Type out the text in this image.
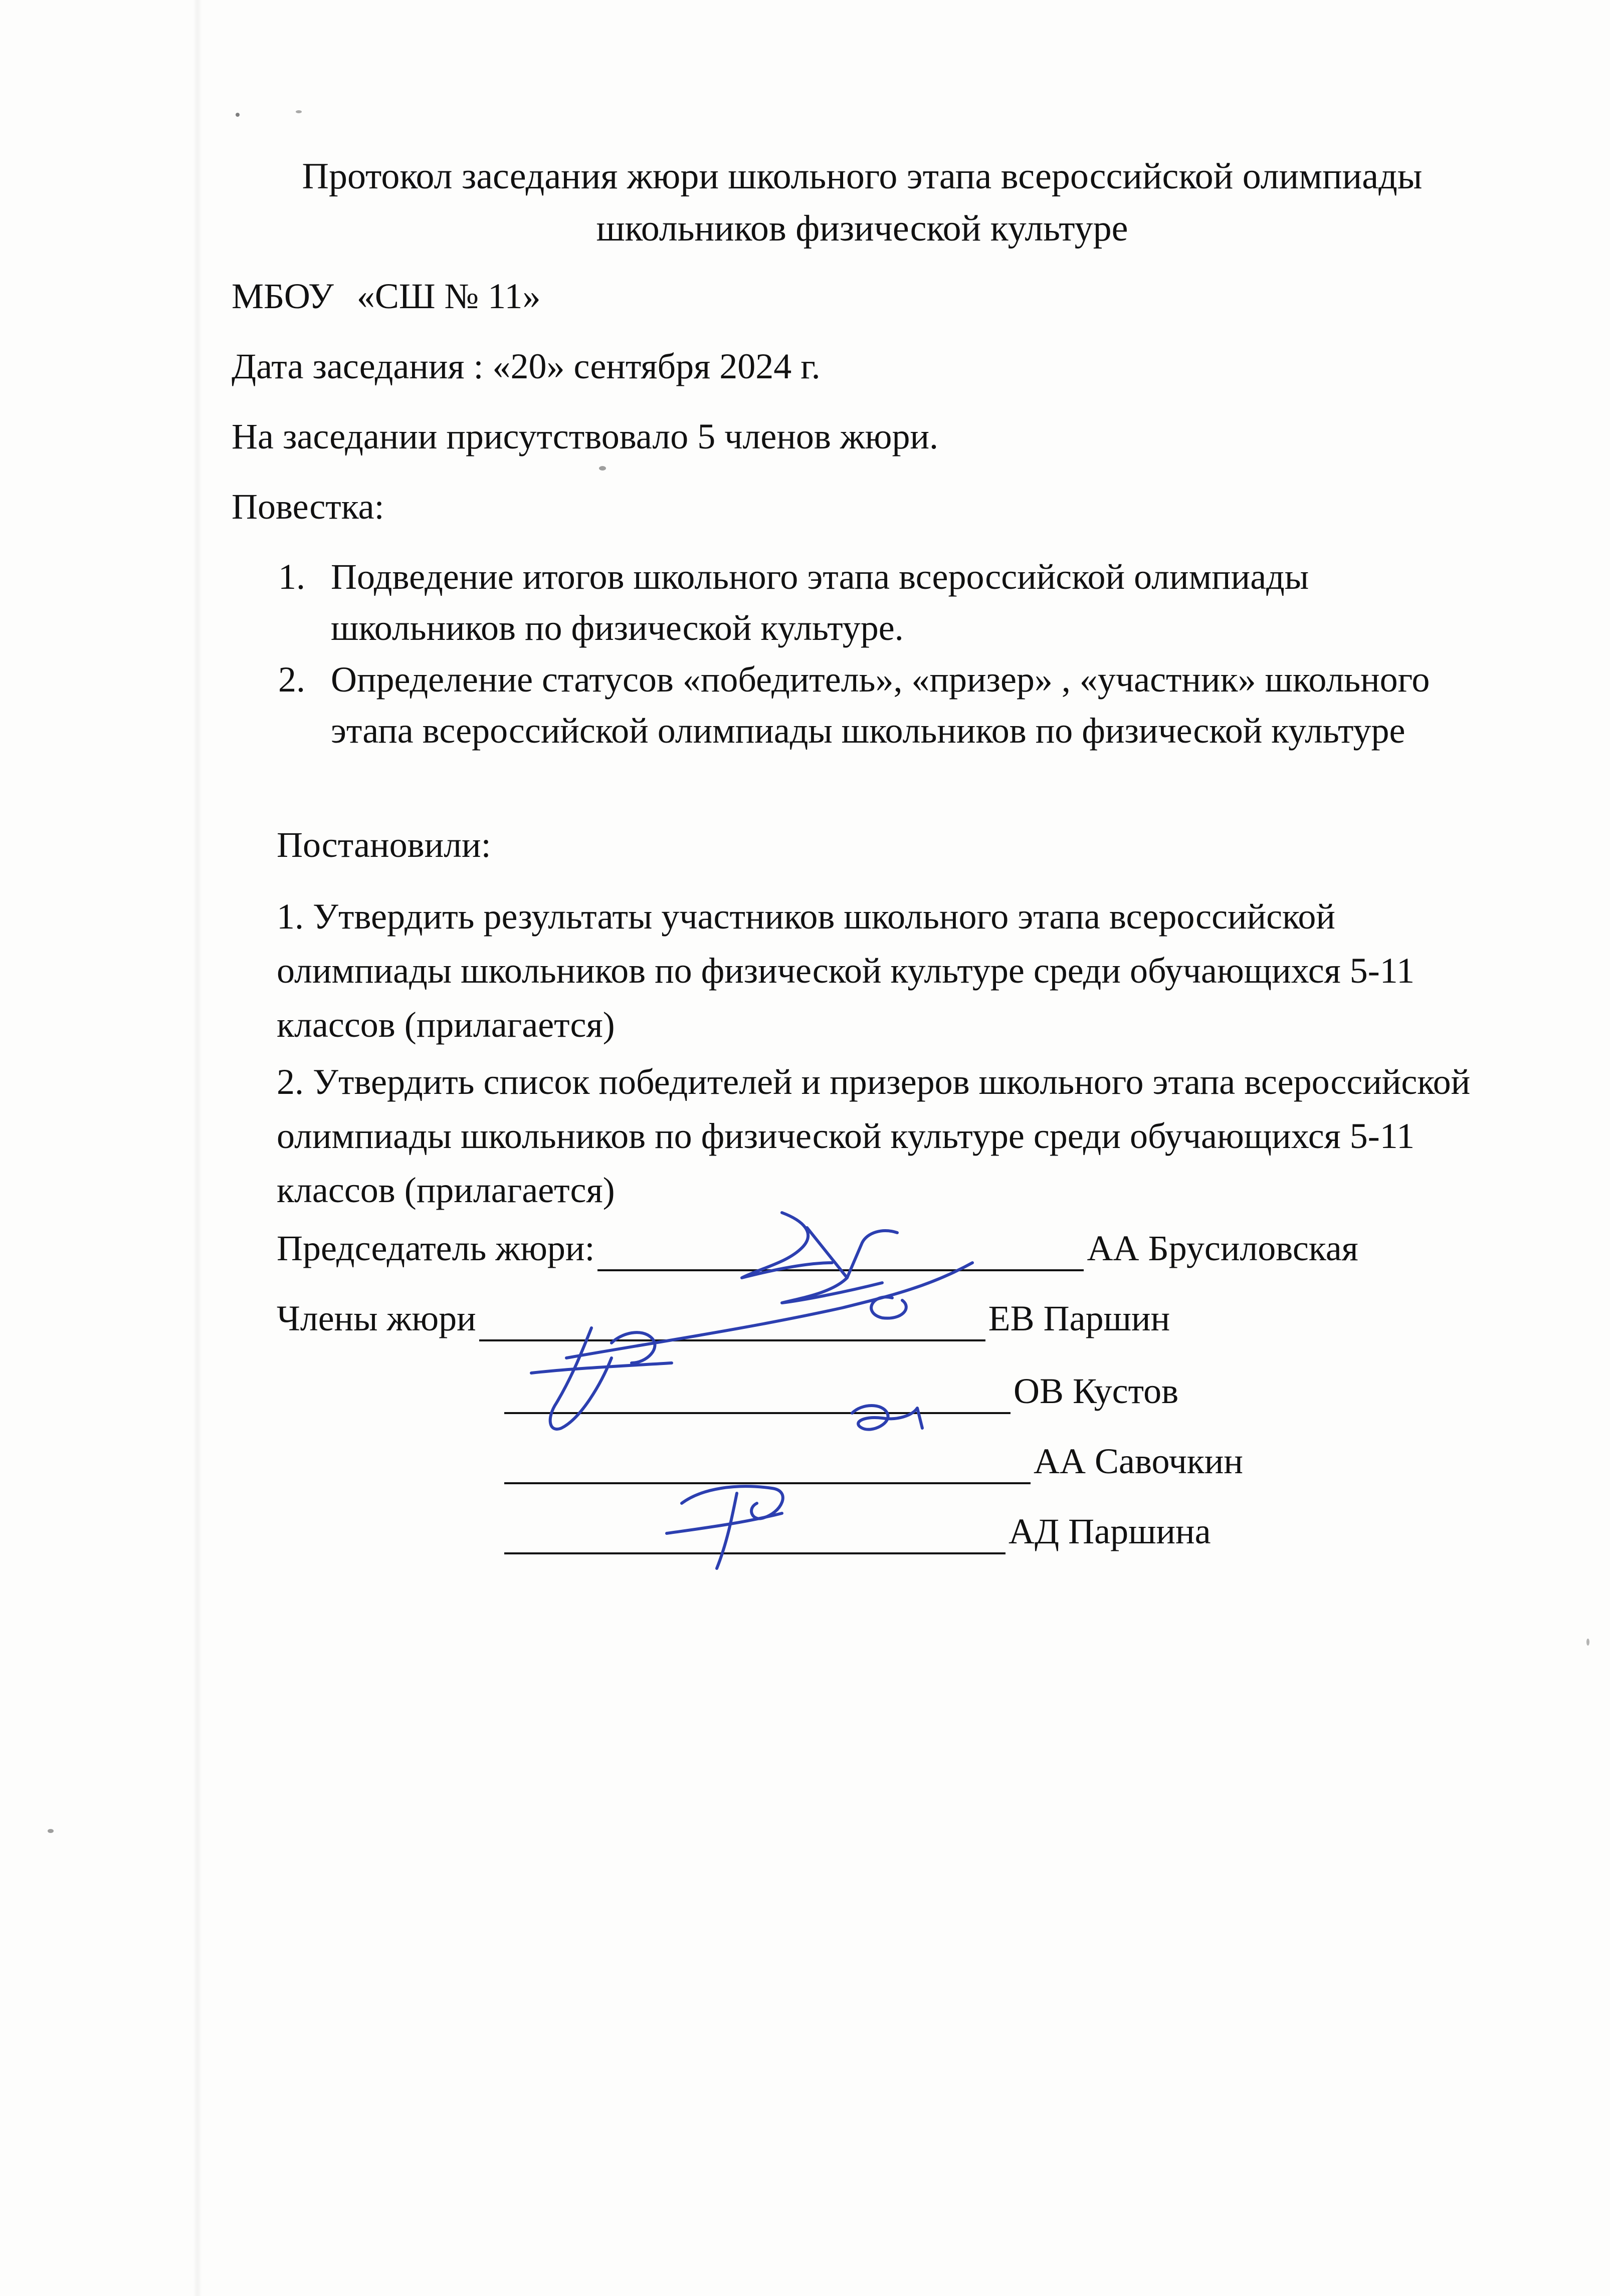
Протокол заседания жюри школьного этапа всероссийской олимпиады
школьников физической культуре
МБОУ «СШ № 11»
Дата заседания : «20» сентября 2024 г.
На заседании присутствовало 5 членов жюри.
Повестка:
1. Подведение итогов школьного этапа всероссийской олимпиады школьников по физической культуре.
2. Определение статусов «победитель», «призер» , «участник» школьного этапа всероссийской олимпиады школьников по физической культуре
Постановили:
1. Утвердить результаты участников школьного этапа всероссийской олимпиады школьников по физической культуре среди обучающихся 5-11 классов (прилагается)
2. Утвердить список победителей и призеров школьного этапа всероссийской олимпиады школьников по физической культуре среди обучающихся 5-11 классов (прилагается)
Председатель жюри:	АА Брусиловская
Члены жюри	ЕВ Паршин
ОВ Кустов
АА Савочкин
АД Паршина
